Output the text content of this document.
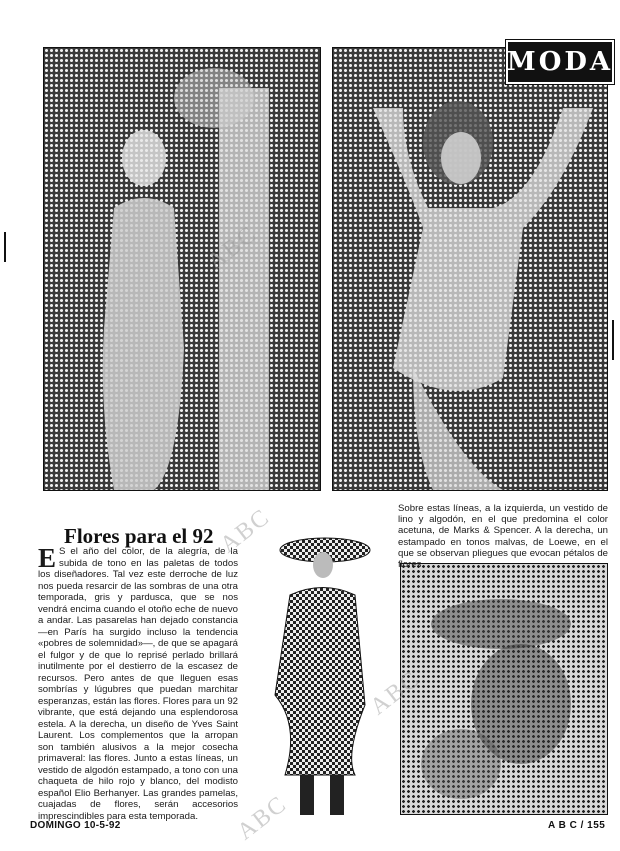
MODA
Flores para el 92
E S el año del color, de la alegría, de la subida de tono en las paletas de todos los diseñadores. Tal vez este derroche de luz nos pueda resarcir de las sombras de una otra temporada, gris y pardusca, que se nos vendrá encima cuando el otoño eche de nuevo a andar. Las pasarelas han dejado constancia —en París ha surgido incluso la tendencia «pobres de solemnidad»—, de que se apagará el fulgor y de que lo reprisé perlado brillará inutilmente por el destierro de la escasez de recursos. Pero antes de que lleguen esas sombrías y lúgubres que puedan marchitar esperanzas, están las flores. Flores para un 92 vibrante, que está dejando una esplendorosa estela. A la derecha, un diseño de Yves Saint Laurent. Los complementos que la arropan son también alusivos a la mejor cosecha primaveral: las flores. Junto a estas líneas, un vestido de algodón estampado, a tono con una chaqueta de hilo rojo y blanco, del modisto español Elio Berhanyer. Las grandes pamelas, cuajadas de flores, serán accesorios imprescindibles para esta temporada.
Sobre estas líneas, a la izquierda, un vestido de lino y algodón, en el que predomina el color acetuna, de Marks & Spencer. A la derecha, un estampado en tonos malvas, de Loewe, en el que se observan pliegues que evocan pétalos de flores.
DOMINGO 10-5-92	A B C / 155
ABC
ABC
ABC
ABC
